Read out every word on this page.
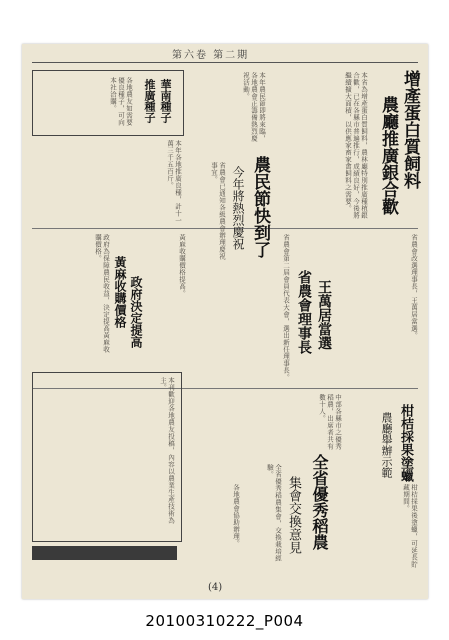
第六卷 第二期
增產蛋白質飼料
農廳推廣銀合歡
本省為增產蛋白質飼料，農林廳特別推廣種植銀合歡，已在各縣市普遍推行，成績良好，今後將繼續擴大面積，以供應家畜家禽飼料之需要。
農民節快到了
今年將熱烈慶祝
本年農民節即將來臨，各地農會正籌備熱烈慶祝活動。
省農會已通知各級農會辦理慶祝事宜。
華南種子
推廣種子
各地農友如需要優良種子，可向本社洽購。
本年各地推廣良種，計十一萬三千五百斤。
政府決定提高
黃麻收購價格
政府為保障農民收益，決定提高黃麻收購價格。	黃麻收購價格提高。
王萬居當選
省農會理事長	省農會改選理事長，王萬居當選。
省農會第二屆會員代表大會，選出新任理事長。
柑桔採果塗蠟
農廳舉辦示範
柑桔採果後塗蠟，可延長貯藏期間。
全省優秀稻農
集會交換意見
全省優秀稻農集會，交換栽培經驗。
中部各縣市之優秀稻農，出席者共有數十人。
本刊歡迎各地農友投稿，內容以農業生產技術為主。
各地農會協助辦理。
(4)
20100310222_P004
